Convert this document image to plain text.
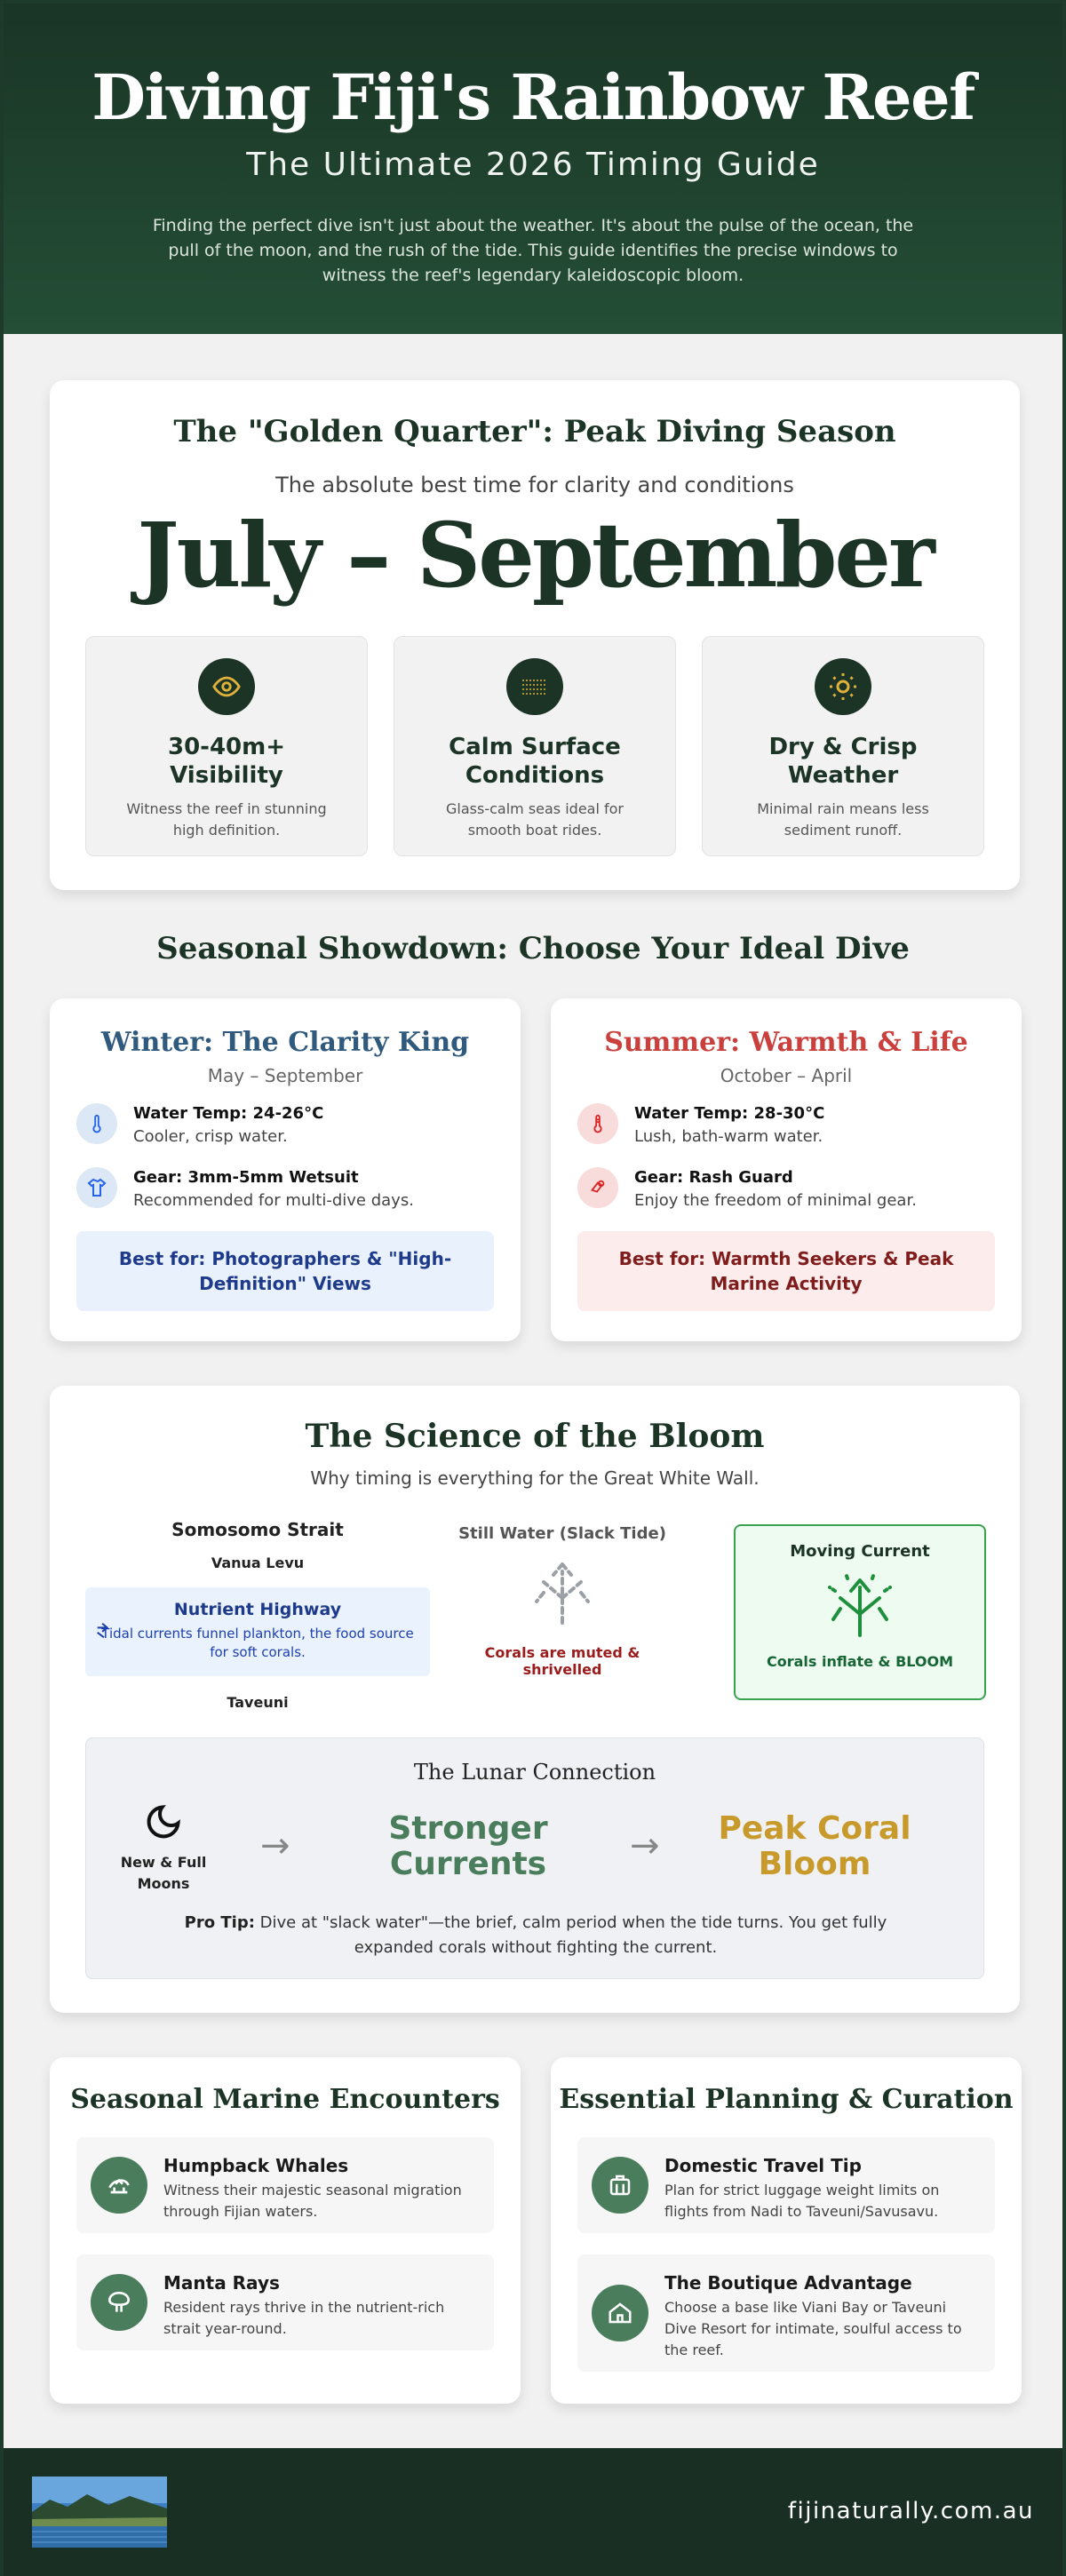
Diving Fiji's Rainbow Reef
The Ultimate 2026 Timing Guide

Finding the perfect dive isn't just about the weather. It's about the pulse of the ocean, the pull of the moon, and the rush of the tide. This guide identifies the precise windows to witness the reef's legendary kaleidoscopic bloom.

The "Golden Quarter": Peak Diving Season
The absolute best time for clarity and conditions
July – September
30-40m+ Visibility

Witness the reef in stunning high definition.

Calm Surface Conditions

Glass-calm seas ideal for smooth boat rides.

Dry & Crisp Weather

Minimal rain means less sediment runoff.

Seasonal Showdown: Choose Your Ideal Dive
Winter: The Clarity King
May – September
Water Temp: 24-26°C
Cooler, crisp water.
Gear: 3mm-5mm Wetsuit
Recommended for multi-dive days.
Best for: Photographers & "High-Definition" Views
Summer: Warmth & Life
October – April
Water Temp: 28-30°C
Lush, bath-warm water.
Gear: Rash Guard
Enjoy the freedom of minimal gear.
Best for: Warmth Seekers & Peak Marine Activity
The Science of the Bloom
Why timing is everything for the Great White Wall.
Somosomo Strait
Vanua Levu
Nutrient Highway
Tidal currents funnel plankton, the food source for soft corals.
Taveuni
Still Water (Slack Tide)
Corals are muted & shrivelled
Moving Current
Corals inflate & BLOOM
The Lunar Connection
New & Full Moons
→	Stronger Currents	→	Peak Coral Bloom

Pro Tip: Dive at "slack water"—the brief, calm period when the tide turns. You get fully expanded corals without fighting the current.

Seasonal Marine Encounters
Humpback Whales
Witness their majestic seasonal migration through Fijian waters.
Manta Rays
Resident rays thrive in the nutrient-rich strait year-round.
Essential Planning & Curation
Domestic Travel Tip
Plan for strict luggage weight limits on flights from Nadi to Taveuni/Savusavu.
The Boutique Advantage
Choose a base like Viani Bay or Taveuni Dive Resort for intimate, soulful access to the reef.
fijinaturally.com.au
